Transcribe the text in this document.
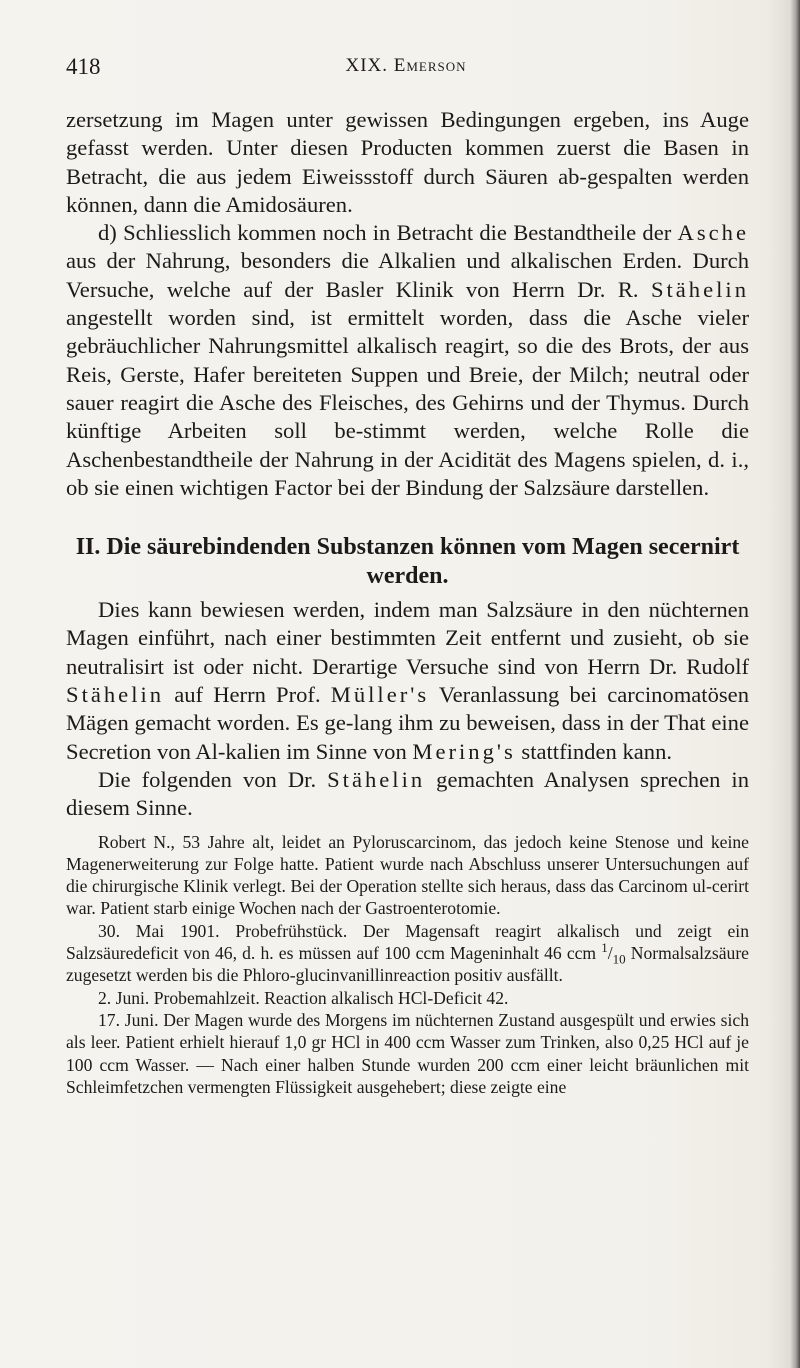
418	XIX. Emerson

zersetzung im Magen unter gewissen Bedingungen ergeben, ins Auge gefasst werden. Unter diesen Producten kommen zuerst die Basen in Betracht, die aus jedem Eiweissstoff durch Säuren ab-gespalten werden können, dann die Amidosäuren.

d) Schliesslich kommen noch in Betracht die Bestandtheile der Asche aus der Nahrung, besonders die Alkalien und alkalischen Erden. Durch Versuche, welche auf der Basler Klinik von Herrn Dr. R. Stähelin angestellt worden sind, ist ermittelt worden, dass die Asche vieler gebräuchlicher Nahrungsmittel alkalisch reagirt, so die des Brots, der aus Reis, Gerste, Hafer bereiteten Suppen und Breie, der Milch; neutral oder sauer reagirt die Asche des Fleisches, des Gehirns und der Thymus. Durch künftige Arbeiten soll be-stimmt werden, welche Rolle die Aschenbestandtheile der Nahrung in der Acidität des Magens spielen, d. i., ob sie einen wichtigen Factor bei der Bindung der Salzsäure darstellen.

II. Die säurebindenden Substanzen können vom Magen secernirt werden.

Dies kann bewiesen werden, indem man Salzsäure in den nüchternen Magen einführt, nach einer bestimmten Zeit entfernt und zusieht, ob sie neutralisirt ist oder nicht. Derartige Versuche sind von Herrn Dr. Rudolf Stähelin auf Herrn Prof. Müller's Veranlassung bei carcinomatösen Mägen gemacht worden. Es ge-lang ihm zu beweisen, dass in der That eine Secretion von Al-kalien im Sinne von Mering's stattfinden kann.

Die folgenden von Dr. Stähelin gemachten Analysen sprechen in diesem Sinne.

Robert N., 53 Jahre alt, leidet an Pyloruscarcinom, das jedoch keine Stenose und keine Magenerweiterung zur Folge hatte. Patient wurde nach Abschluss unserer Untersuchungen auf die chirurgische Klinik verlegt. Bei der Operation stellte sich heraus, dass das Carcinom ul-cerirt war. Patient starb einige Wochen nach der Gastroenterotomie.

30. Mai 1901. Probefrühstück. Der Magensaft reagirt alkalisch und zeigt ein Salzsäuredeficit von 46, d. h. es müssen auf 100 ccm Mageninhalt 46 ccm $^1/_{10}$ Normalsalzsäure zugesetzt werden bis die Phloro-glucinvanillinreaction positiv ausfällt.

2. Juni. Probemahlzeit. Reaction alkalisch HCl-Deficit 42.

17. Juni. Der Magen wurde des Morgens im nüchternen Zustand ausgespült und erwies sich als leer. Patient erhielt hierauf 1,0 gr HCl in 400 ccm Wasser zum Trinken, also 0,25 HCl auf je 100 ccm Wasser. — Nach einer halben Stunde wurden 200 ccm einer leicht bräunlichen mit Schleimfetzchen vermengten Flüssigkeit ausgehebert; diese zeigte eine
